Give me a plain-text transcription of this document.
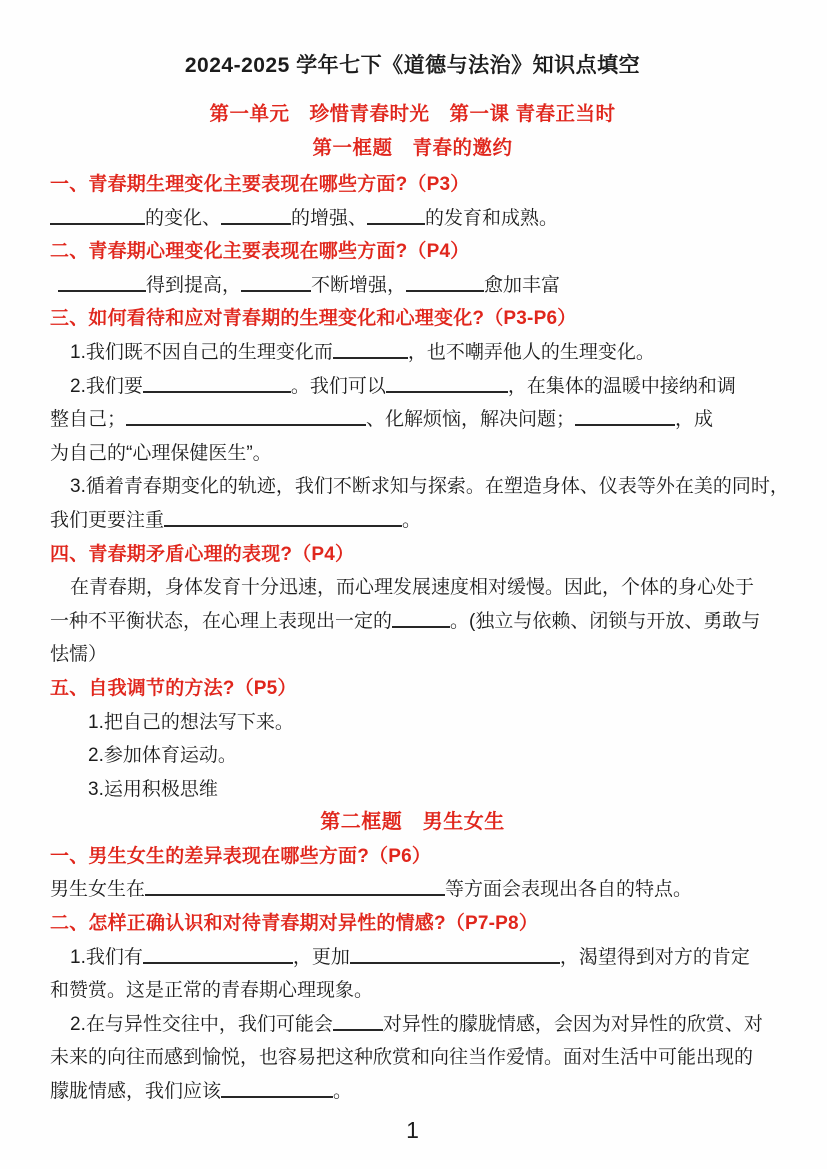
2024-2025 学年七下《道德与法治》知识点填空
第一单元　珍惜青春时光　第一课 青春正当时
第一框题　青春的邀约
一、青春期生理变化主要表现在哪些方面?（P3）
的变化、	的增强、	的发育和成熟。
二、青春期心理变化主要表现在哪些方面?（P4）
得到提高，	不断增强，	愈加丰富
三、如何看待和应对青春期的生理变化和心理变化?（P3-P6）
1.我们既不因自己的生理变化而	，也不嘲弄他人的生理变化。
2.我们要	。我们可以	，在集体的温暖中接纳和调
整自己；	、化解烦恼，解决问题；	，成
为自己的“心理保健医生”。
3.循着青春期变化的轨迹，我们不断求知与探索。在塑造身体、仪表等外在美的同时，
我们更要注重	。
四、青春期矛盾心理的表现?（P4）
在青春期，身体发育十分迅速，而心理发展速度相对缓慢。因此，个体的身心处于
一种不平衡状态，在心理上表现出一定的	。(独立与依赖、闭锁与开放、勇敢与
怯懦）
五、自我调节的方法?（P5）
1.把自己的想法写下来。
2.参加体育运动。
3.运用积极思维
第二框题　男生女生
一、男生女生的差异表现在哪些方面?（P6）
男生女生在	等方面会表现出各自的特点。
二、怎样正确认识和对待青春期对异性的情感?（P7-P8）
1.我们有	，更加	，渴望得到对方的肯定
和赞赏。这是正常的青春期心理现象。
2.在与异性交往中，我们可能会	对异性的朦胧情感，会因为对异性的欣赏、对
未来的向往而感到愉悦，也容易把这种欣赏和向往当作爱情。面对生活中可能出现的
朦胧情感，我们应该	。
1
